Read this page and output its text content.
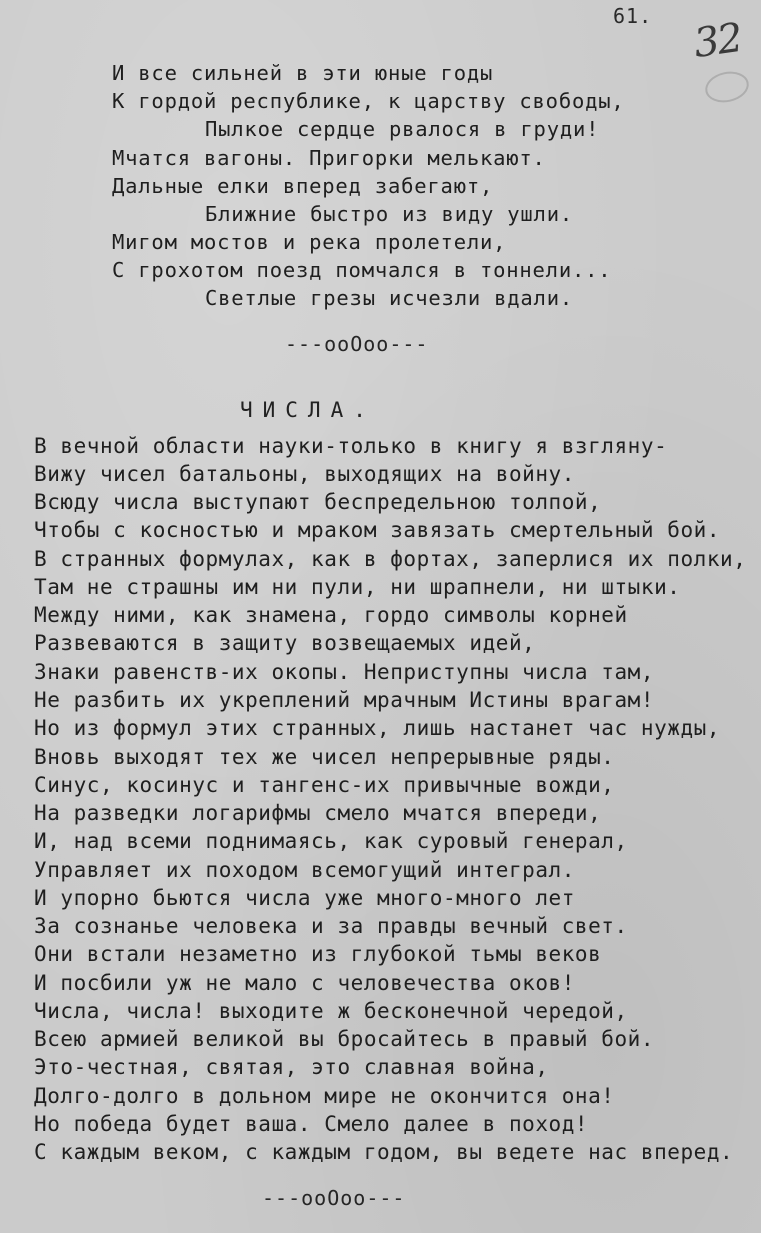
61. 32
И все сильней в эти юные годы
К гордой республике, к царству свободы,
Пылкое сердце рвалося в груди!
Мчатся вагоны. Пригорки мелькают.
Дальные елки вперед забегают,
Ближние быстро из виду ушли.
Мигом мостов и река пролетели,
С грохотом поезд помчался в тоннели...
Светлые грезы исчезли вдали.
---ооOоо---
ЧИСЛА.
В вечной области науки-только в книгу я взгляну-
Вижу чисел батальоны, выходящих на войну.
Всюду числа выступают беспредельною толпой,
Чтобы с косностью и мраком завязать смертельный бой.
В странных формулах, как в фортах, заперлися их полки,
Там не страшны им ни пули, ни шрапнели, ни штыки.
Между ними, как знамена, гордо символы корней
Развеваются в защиту возвещаемых идей,
Знаки равенств-их окопы. Неприступны числа там,
Не разбить их укреплений мрачным Истины врагам!
Но из формул этих странных, лишь настанет час нужды,
Вновь выходят тех же чисел непрерывные ряды.
Синус, косинус и тангенс-их привычные вожди,
На разведки логарифмы смело мчатся впереди,
И, над всеми поднимаясь, как суровый генерал,
Управляет их походом всемогущий интеграл.
И упорно бьются числа уже много-много лет
За сознанье человека и за правды вечный свет.
Они встали незаметно из глубокой тьмы веков
И посбили уж не мало с человечества оков!
Числа, числа! выходите ж бесконечной чередой,
Всею армией великой вы бросайтесь в правый бой.
Это-честная, святая, это славная война,
Долго-долго в дольном мире не окончится она!
Но победа будет ваша. Смело далее в поход!
С каждым веком, с каждым годом, вы ведете нас вперед.
---ооOоо---
